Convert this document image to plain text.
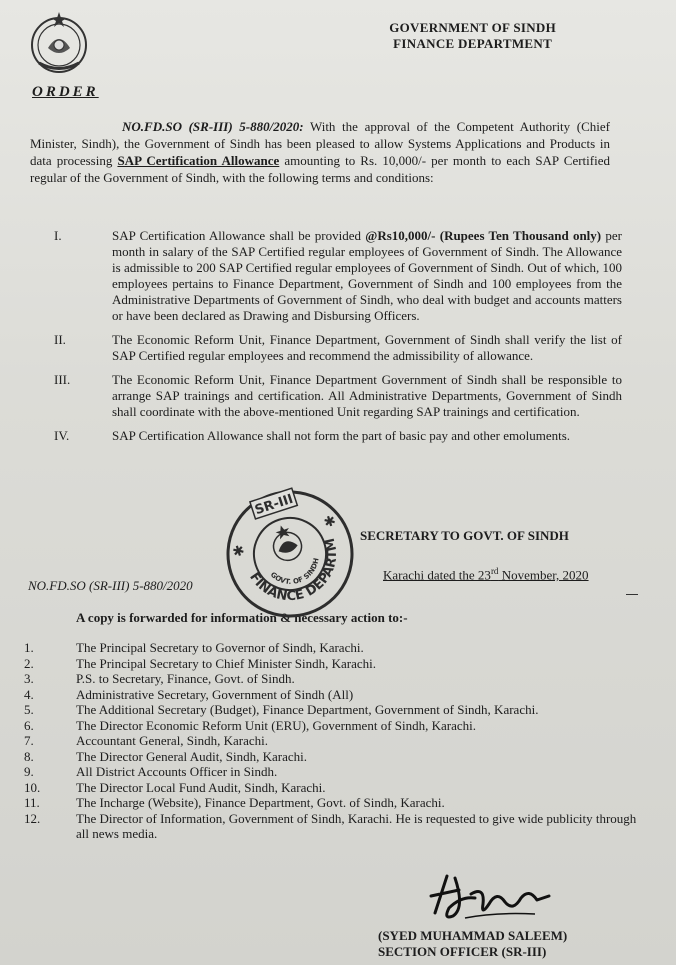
GOVERNMENT OF SINDH
FINANCE DEPARTMENT
ORDER
NO.FD.SO (SR-III) 5-880/2020: With the approval of the Competent Authority (Chief Minister, Sindh), the Government of Sindh has been pleased to allow Systems Applications and Products in data processing SAP Certification Allowance amounting to Rs. 10,000/- per month to each SAP Certified regular of the Government of Sindh, with the following terms and conditions:
I.	SAP Certification Allowance shall be provided @Rs10,000/- (Rupees Ten Thousand only) per month in salary of the SAP Certified regular employees of Government of Sindh. The Allowance is admissible to 200 SAP Certified regular employees of Government of Sindh. Out of which, 100 employees pertains to Finance Department, Government of Sindh and 100 employees from the Administrative Departments of Government of Sindh, who deal with budget and accounts matters or have been declared as Drawing and Disbursing Officers.
II.	The Economic Reform Unit, Finance Department, Government of Sindh shall verify the list of SAP Certified regular employees and recommend the admissibility of allowance.
III.	The Economic Reform Unit, Finance Department Government of Sindh shall be responsible to arrange SAP trainings and certification. All Administrative Departments, Government of Sindh shall coordinate with the above-mentioned Unit regarding SAP trainings and certification.
IV.	SAP Certification Allowance shall not form the part of basic pay and other emoluments.
SECRETARY TO GOVT. OF SINDH
NO.FD.SO (SR-III) 5-880/2020
Karachi dated the 23rd November, 2020
A copy is forwarded for information & necessary action to:-
1.	The Principal Secretary to Governor of Sindh, Karachi.
2.	The Principal Secretary to Chief Minister Sindh, Karachi.
3.	P.S. to Secretary, Finance, Govt. of Sindh.
4.	Administrative Secretary, Government of Sindh (All)
5.	The Additional Secretary (Budget), Finance Department, Government of Sindh, Karachi.
6.	The Director Economic Reform Unit (ERU), Government of Sindh, Karachi.
7.	Accountant General, Sindh, Karachi.
8.	The Director General Audit, Sindh, Karachi.
9.	All District Accounts Officer in Sindh.
10.	The Director Local Fund Audit, Sindh, Karachi.
11.	The Incharge (Website), Finance Department, Govt. of Sindh, Karachi.
12.	The Director of Information, Government of Sindh, Karachi. He is requested to give wide publicity through all news media.
FINANCE DEPARTMENT
GOVT. OF SINDH
SR-III
✱
✱
(SYED MUHAMMAD SALEEM)
SECTION OFFICER (SR-III)
